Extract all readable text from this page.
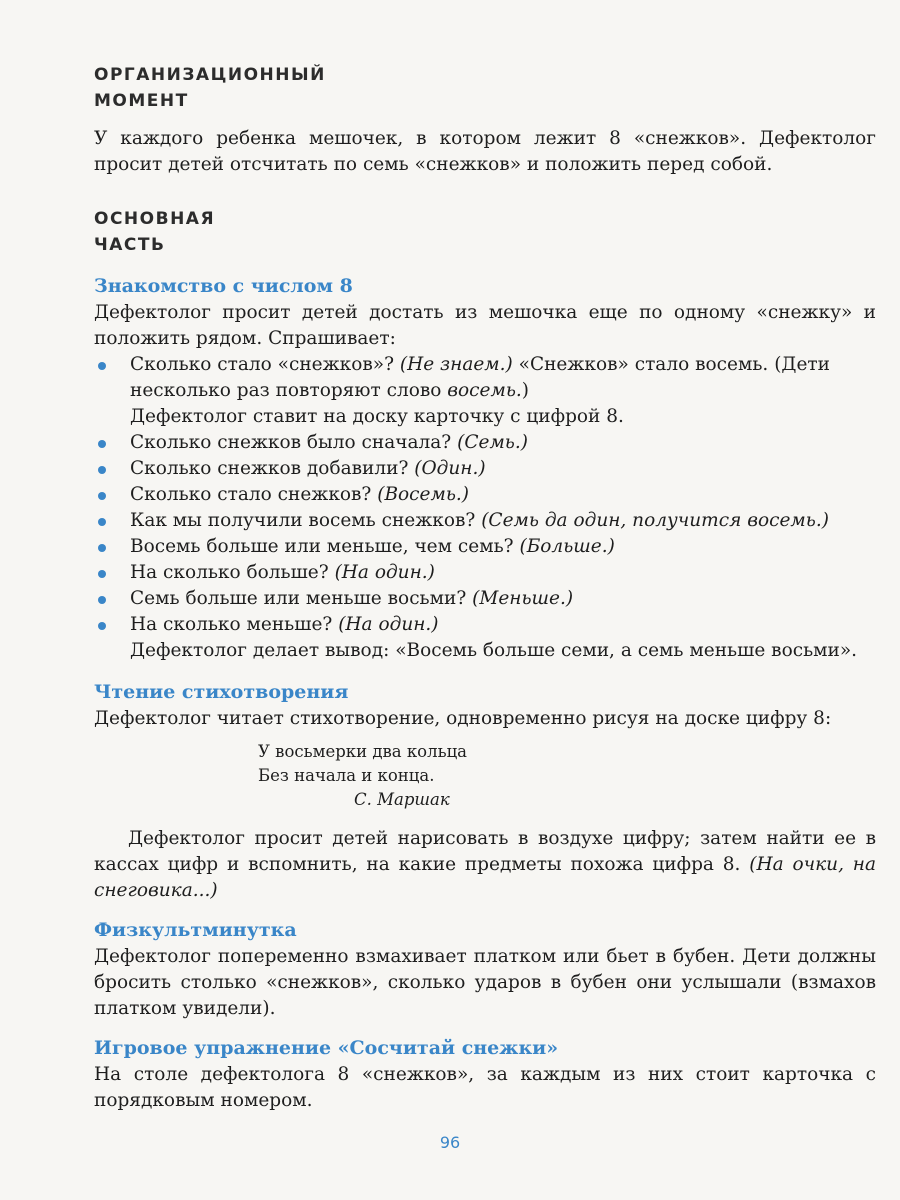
ОРГАНИЗАЦИОННЫЙ
МОМЕНТ

У каждого ребенка мешочек, в котором лежит 8 «снежков». Дефектолог просит детей отсчитать по семь «снежков» и положить перед собой.

ОСНОВНАЯ
ЧАСТЬ
Знакомство с числом 8

Дефектолог просит детей достать из мешочка еще по одному «снежку» и положить рядом. Спрашивает:

Сколько стало «снежков»? (Не знаем.) «Снежков» стало восемь. (Дети несколько раз повторяют слово восемь.)
Дефектолог ставит на доску карточку с цифрой 8.
Сколько снежков было сначала? (Семь.)
Сколько снежков добавили? (Один.)
Сколько стало снежков? (Восемь.)
Как мы получили восемь снежков? (Семь да один, получится восемь.)
Восемь больше или меньше, чем семь? (Больше.)
На сколько больше? (На один.)
Семь больше или меньше восьми? (Меньше.)
На сколько меньше? (На один.)
Дефектолог делает вывод: «Восемь больше семи, а семь меньше восьми».
Чтение стихотворения

Дефектолог читает стихотворение, одновременно рисуя на доске цифру 8:

У восьмерки два кольца
Без начала и конца.
С. Маршак

Дефектолог просит детей нарисовать в воздухе цифру; затем найти ее в кассах цифр и вспомнить, на какие предметы похожа цифра 8. (На очки, на снеговика...)

Физкультминутка

Дефектолог попеременно взмахивает платком или бьет в бубен. Дети должны бросить столько «снежков», сколько ударов в бубен они услышали (взмахов платком увидели).

Игровое упражнение «Сосчитай снежки»

На столе дефектолога 8 «снежков», за каждым из них стоит карточка с порядковым номером.

96
